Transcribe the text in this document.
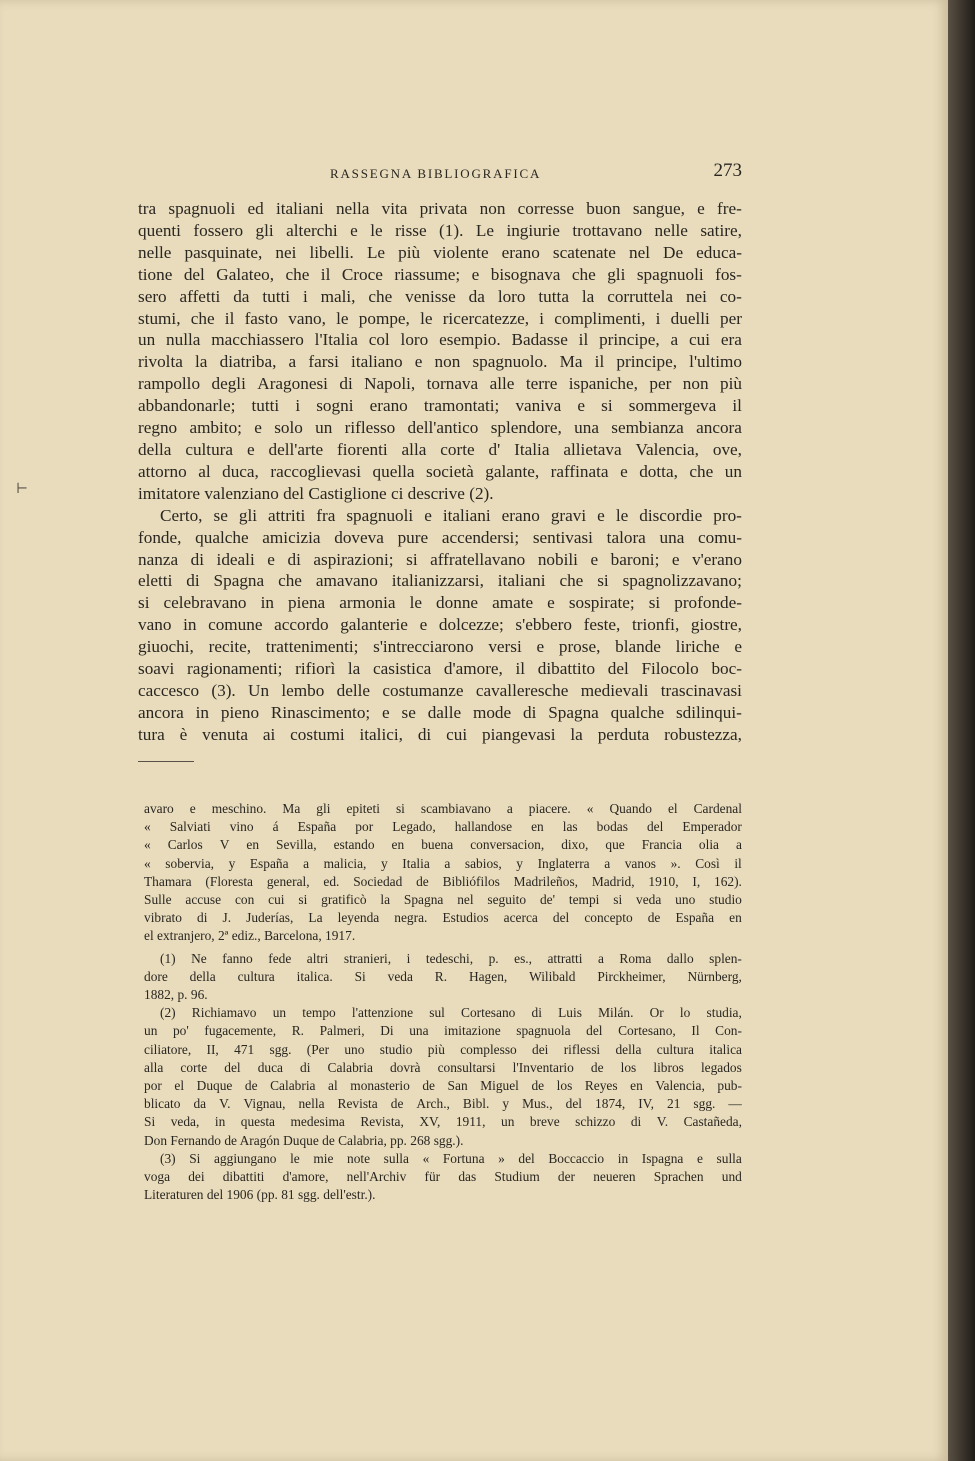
RASSEGNA BIBLIOGRAFICA	273
⊢
tra spagnuoli ed italiani nella vita privata non corresse buon sangue, e fre-
quenti fossero gli alterchi e le risse (1). Le ingiurie trottavano nelle satire,
nelle pasquinate, nei libelli. Le più violente erano scatenate nel De educa-
tione del Galateo, che il Croce riassume; e bisognava che gli spagnuoli fos-
sero affetti da tutti i mali, che venisse da loro tutta la corruttela nei co-
stumi, che il fasto vano, le pompe, le ricercatezze, i complimenti, i duelli per
un nulla macchiassero l'Italia col loro esempio. Badasse il principe, a cui era
rivolta la diatriba, a farsi italiano e non spagnuolo. Ma il principe, l'ultimo
rampollo degli Aragonesi di Napoli, tornava alle terre ispaniche, per non più
abbandonarle; tutti i sogni erano tramontati; vaniva e si sommergeva il
regno ambito; e solo un riflesso dell'antico splendore, una sembianza ancora
della cultura e dell'arte fiorenti alla corte d' Italia allietava Valencia, ove,
attorno al duca, raccoglievasi quella società galante, raffinata e dotta, che un
imitatore valenziano del Castiglione ci descrive (2).
Certo, se gli attriti fra spagnuoli e italiani erano gravi e le discordie pro-
fonde, qualche amicizia doveva pure accendersi; sentivasi talora una comu-
nanza di ideali e di aspirazioni; si affratellavano nobili e baroni; e v'erano
eletti di Spagna che amavano italianizzarsi, italiani che si spagnolizzavano;
si celebravano in piena armonia le donne amate e sospirate; si profonde-
vano in comune accordo galanterie e dolcezze; s'ebbero feste, trionfi, giostre,
giuochi, recite, trattenimenti; s'intrecciarono versi e prose, blande liriche e
soavi ragionamenti; rifiorì la casistica d'amore, il dibattito del Filocolo boc-
caccesco (3). Un lembo delle costumanze cavalleresche medievali trascinavasi
ancora in pieno Rinascimento; e se dalle mode di Spagna qualche sdilinqui-
tura è venuta ai costumi italici, di cui piangevasi la perduta robustezza,
avaro e meschino. Ma gli epiteti si scambiavano a piacere. « Quando el Cardenal
« Salviati vino á España por Legado, hallandose en las bodas del Emperador
« Carlos V en Sevilla, estando en buena conversacion, dixo, que Francia olia a
« sobervia, y España a malicia, y Italia a sabios, y Inglaterra a vanos ». Così il
Thamara (Floresta general, ed. Sociedad de Bibliófilos Madrileños, Madrid, 1910, I, 162).
Sulle accuse con cui si gratificò la Spagna nel seguito de' tempi si veda uno studio
vibrato di J. Juderías, La leyenda negra. Estudios acerca del concepto de España en
el extranjero, 2ª ediz., Barcelona, 1917.
(1) Ne fanno fede altri stranieri, i tedeschi, p. es., attratti a Roma dallo splen-
dore della cultura italica. Si veda R. Hagen, Wilibald Pirckheimer, Nürnberg,
1882, p. 96.
(2) Richiamavo un tempo l'attenzione sul Cortesano di Luis Milán. Or lo studia,
un po' fugacemente, R. Palmeri, Di una imitazione spagnuola del Cortesano, Il Con-
ciliatore, II, 471 sgg. (Per uno studio più complesso dei riflessi della cultura italica
alla corte del duca di Calabria dovrà consultarsi l'Inventario de los libros legados
por el Duque de Calabria al monasterio de San Miguel de los Reyes en Valencia, pub-
blicato da V. Vignau, nella Revista de Arch., Bibl. y Mus., del 1874, IV, 21 sgg. —
Si veda, in questa medesima Revista, XV, 1911, un breve schizzo di V. Castañeda,
Don Fernando de Aragón Duque de Calabria, pp. 268 sgg.).
(3) Si aggiungano le mie note sulla « Fortuna » del Boccaccio in Ispagna e sulla
voga dei dibattiti d'amore, nell'Archiv für das Studium der neueren Sprachen und
Literaturen del 1906 (pp. 81 sgg. dell'estr.).
